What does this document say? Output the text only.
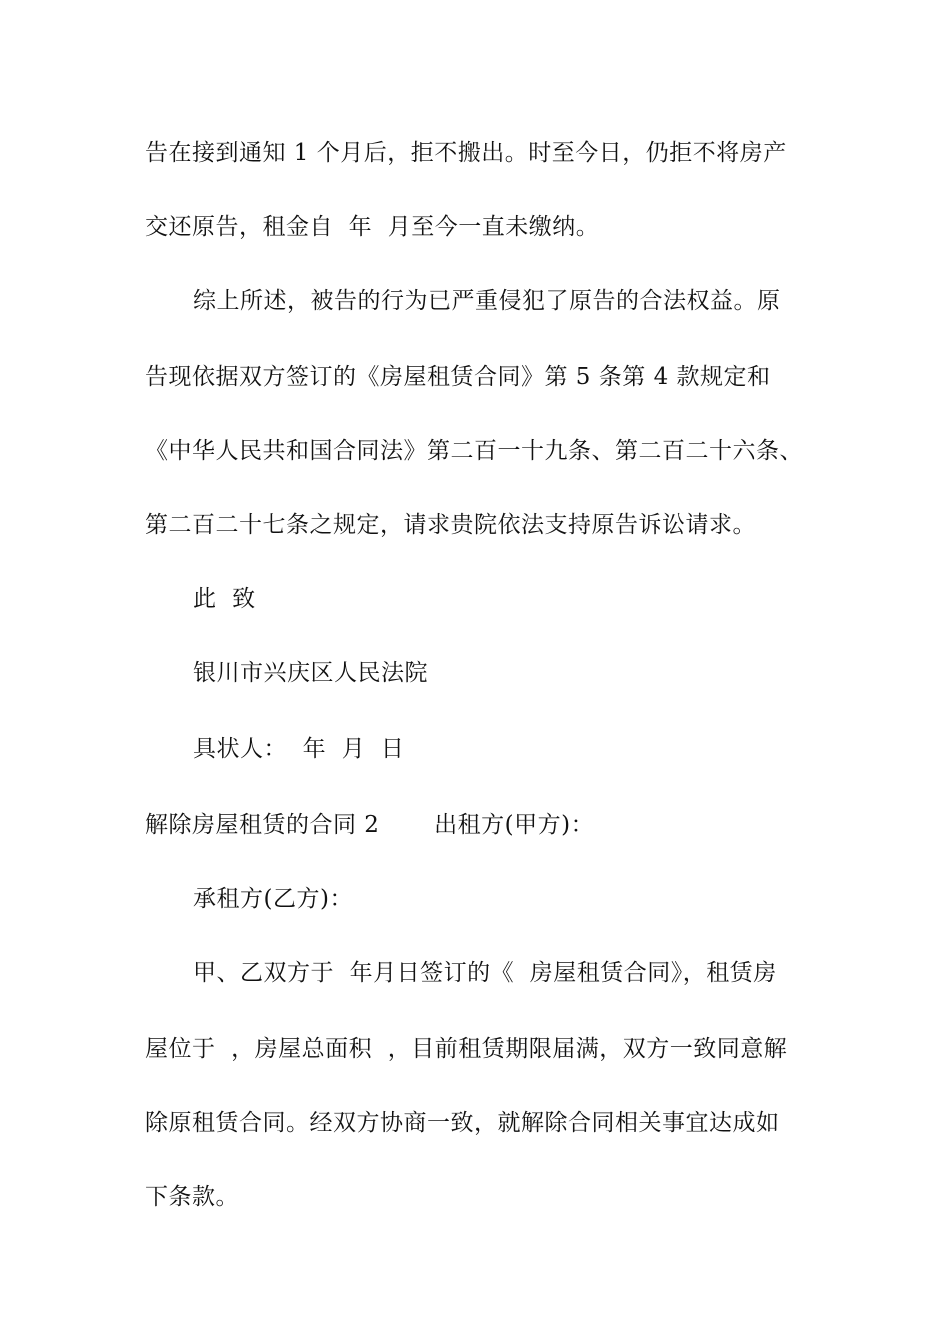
告在接到通知 1 个月后，拒不搬出。时至今日，仍拒不将房产
交还原告，租金自  年  月至今一直未缴纳。
综上所述，被告的行为已严重侵犯了原告的合法权益。原
告现依据双方签订的《房屋租赁合同》第 5 条第 4 款规定和
《中华人民共和国合同法》第二百一十九条、第二百二十六条、
第二百二十七条之规定，请求贵院依法支持原告诉讼请求。
此  致
银川市兴庆区人民法院
具状人：  年  月  日
解除房屋租赁的合同 2       出租方(甲方)：
承租方(乙方)：
甲、乙双方于  年月日签订的《  房屋租赁合同》，租赁房
屋位于  ，房屋总面积  ，目前租赁期限届满，双方一致同意解
除原租赁合同。经双方协商一致，就解除合同相关事宜达成如
下条款。
